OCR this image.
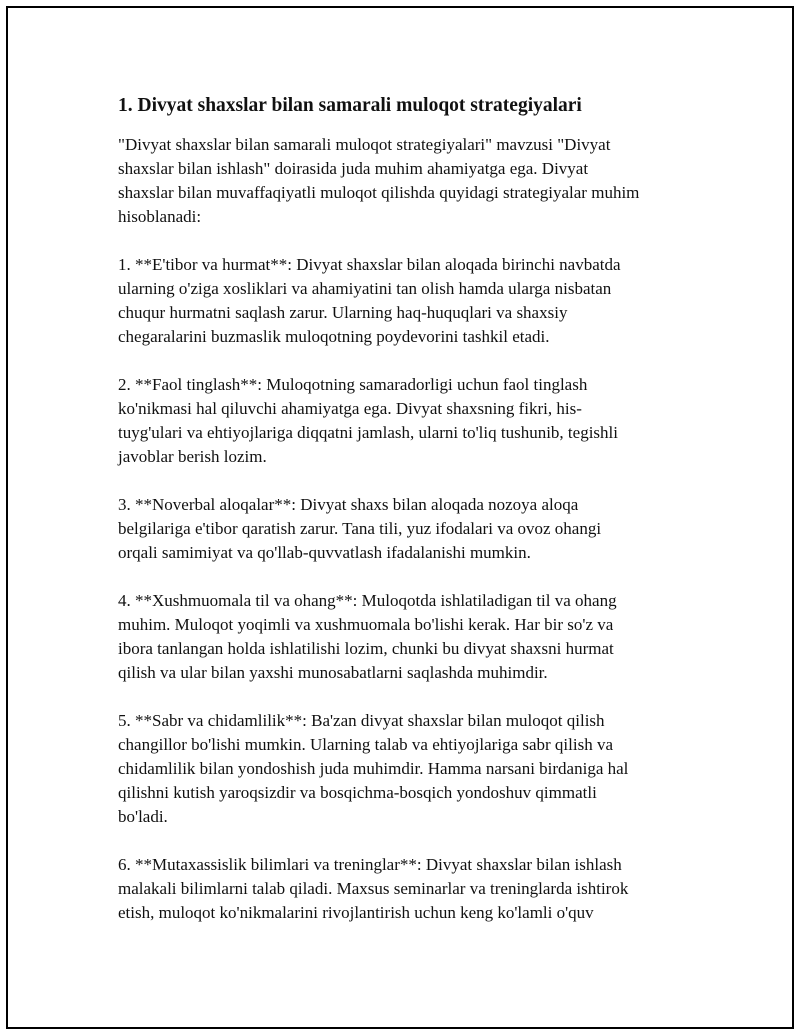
1. Divyat shaxslar bilan samarali muloqot strategiyalari

"Divyat shaxslar bilan samarali muloqot strategiyalari" mavzusi "Divyat
shaxslar bilan ishlash" doirasida juda muhim ahamiyatga ega. Divyat
shaxslar bilan muvaffaqiyatli muloqot qilishda quyidagi strategiyalar muhim
hisoblanadi:

1. **E'tibor va hurmat**: Divyat shaxslar bilan aloqada birinchi navbatda
ularning o'ziga xosliklari va ahamiyatini tan olish hamda ularga nisbatan
chuqur hurmatni saqlash zarur. Ularning haq-huquqlari va shaxsiy
chegaralarini buzmaslik muloqotning poydevorini tashkil etadi.

2. **Faol tinglash**: Muloqotning samaradorligi uchun faol tinglash
ko'nikmasi hal qiluvchi ahamiyatga ega. Divyat shaxsning fikri, his-
tuyg'ulari va ehtiyojlariga diqqatni jamlash, ularni to'liq tushunib, tegishli
javoblar berish lozim.

3. **Noverbal aloqalar**: Divyat shaxs bilan aloqada nozoya aloqa
belgilariga e'tibor qaratish zarur. Tana tili, yuz ifodalari va ovoz ohangi
orqali samimiyat va qo'llab-quvvatlash ifadalanishi mumkin.

4. **Xushmuomala til va ohang**: Muloqotda ishlatiladigan til va ohang
muhim. Muloqot yoqimli va xushmuomala bo'lishi kerak. Har bir so'z va
ibora tanlangan holda ishlatilishi lozim, chunki bu divyat shaxsni hurmat
qilish va ular bilan yaxshi munosabatlarni saqlashda muhimdir.

5. **Sabr va chidamlilik**: Ba'zan divyat shaxslar bilan muloqot qilish
changillor bo'lishi mumkin. Ularning talab va ehtiyojlariga sabr qilish va
chidamlilik bilan yondoshish juda muhimdir. Hamma narsani birdaniga hal
qilishni kutish yaroqsizdir va bosqichma-bosqich yondoshuv qimmatli
bo'ladi.

6. **Mutaxassislik bilimlari va treninglar**: Divyat shaxslar bilan ishlash
malakali bilimlarni talab qiladi. Maxsus seminarlar va treninglarda ishtirok
etish, muloqot ko'nikmalarini rivojlantirish uchun keng ko'lamli o'quv
